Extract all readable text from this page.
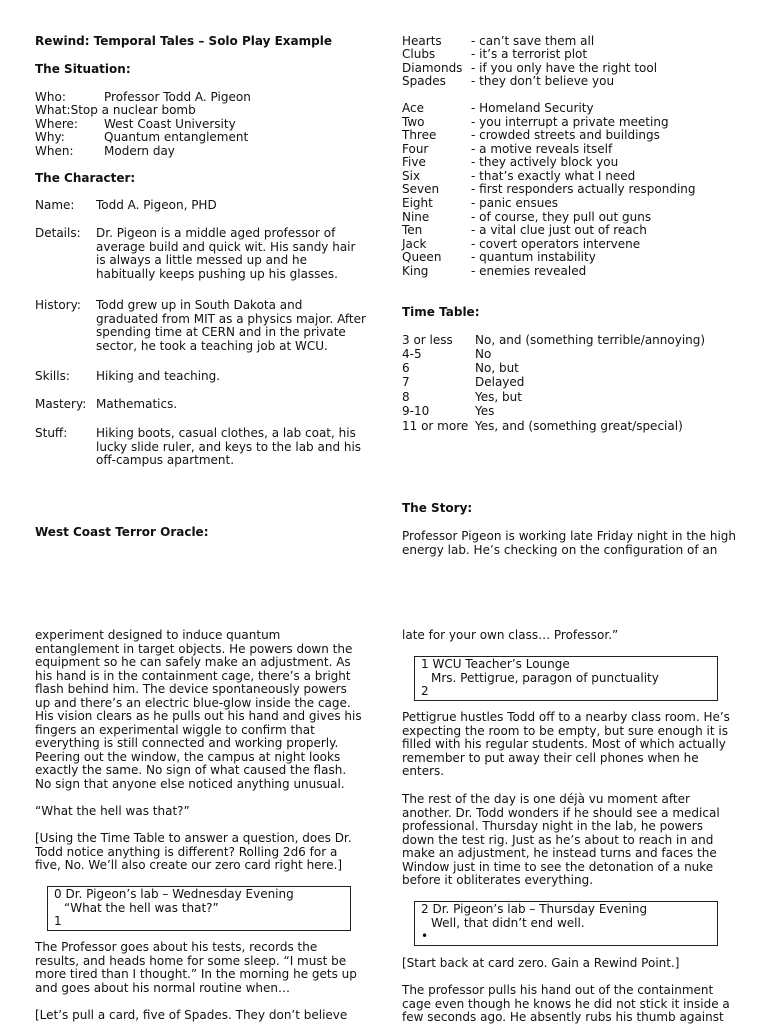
Rewind: Temporal Tales – Solo Play Example
The Situation:
Who:	Professor Todd A. Pigeon
What:Stop a nuclear bomb
Where: West Coast University
Why:	Quantum entanglement
When:	Modern day
The Character:
Name: Todd A. Pigeon, PHD
Details: Dr. Pigeon is a middle aged professor of average build and quick wit. His sandy hair is always a little messed up and he habitually keeps pushing up his glasses.
History: Todd grew up in South Dakota and graduated from MIT as a physics major. After spending time at CERN and in the private sector, he took a teaching job at WCU.
Skills: Hiking and teaching.
Mastery: Mathematics.
Stuff: Hiking boots, casual clothes, a lab coat, his lucky slide ruler, and keys to the lab and his off-campus apartment.
West Coast Terror Oracle:
Hearts - can’t save them all
Clubs	- it’s a terrorist plot
Diamonds - if you only have the right tool
Spades - they don’t believe you
Ace	- Homeland Security
Two	- you interrupt a private meeting
Three	- crowded streets and buildings
Four	- a motive reveals itself
Five	- they actively block you
Six	- that’s exactly what I need
Seven	- first responders actually responding
Eight	- panic ensues
Nine	- of course, they pull out guns
Ten	- a vital clue just out of reach
Jack	- covert operators intervene
Queen - quantum instability
King	- enemies revealed
Time Table:
3 or less No, and (something terrible/annoying)
4-5	No
6	No, but
7	Delayed
8	Yes, but
9-10	Yes
11 or more Yes, and (something great/special)
The Story:
Professor Pigeon is working late Friday night in the high energy lab. He’s checking on the configuration of an
experiment designed to induce quantum entanglement in target objects. He powers down the equipment so he can safely make an adjustment. As his hand is in the containment cage, there’s a bright flash behind him. The device spontaneously powers up and there’s an electric blue-glow inside the cage. His vision clears as he pulls out his hand and gives his fingers an experimental wiggle to confirm that everything is still connected and working properly. Peering out the window, the campus at night looks exactly the same. No sign of what caused the flash. No sign that anyone else noticed anything unusual.
“What the hell was that?”
[Using the Time Table to answer a question, does Dr. Todd notice anything is different? Rolling 2d6 for a five, No. We’ll also create our zero card right here.]
0 Dr. Pigeon’s lab – Wednesday Evening
“What the hell was that?”
1
The Professor goes about his tests, records the results, and heads home for some sleep. “I must be more tired than I thought.” In the morning he gets up and goes about his normal routine when…
[Let’s pull a card, five of Spades. They don’t believe
late for your own class… Professor.”
1 WCU Teacher’s Lounge
Mrs. Pettigrue, paragon of punctuality
2
Pettigrue hustles Todd off to a nearby class room. He’s expecting the room to be empty, but sure enough it is filled with his regular students. Most of which actually remember to put away their cell phones when he enters.
The rest of the day is one déjà vu moment after another. Dr. Todd wonders if he should see a medical professional. Thursday night in the lab, he powers down the test rig. Just as he’s about to reach in and make an adjustment, he instead turns and faces the Window just in time to see the detonation of a nuke before it obliterates everything.
2 Dr. Pigeon’s lab – Thursday Evening
Well, that didn’t end well.
•
[Start back at card zero. Gain a Rewind Point.]
The professor pulls his hand out of the containment cage even though he knows he did not stick it inside a few seconds ago. He absently rubs his thumb against
